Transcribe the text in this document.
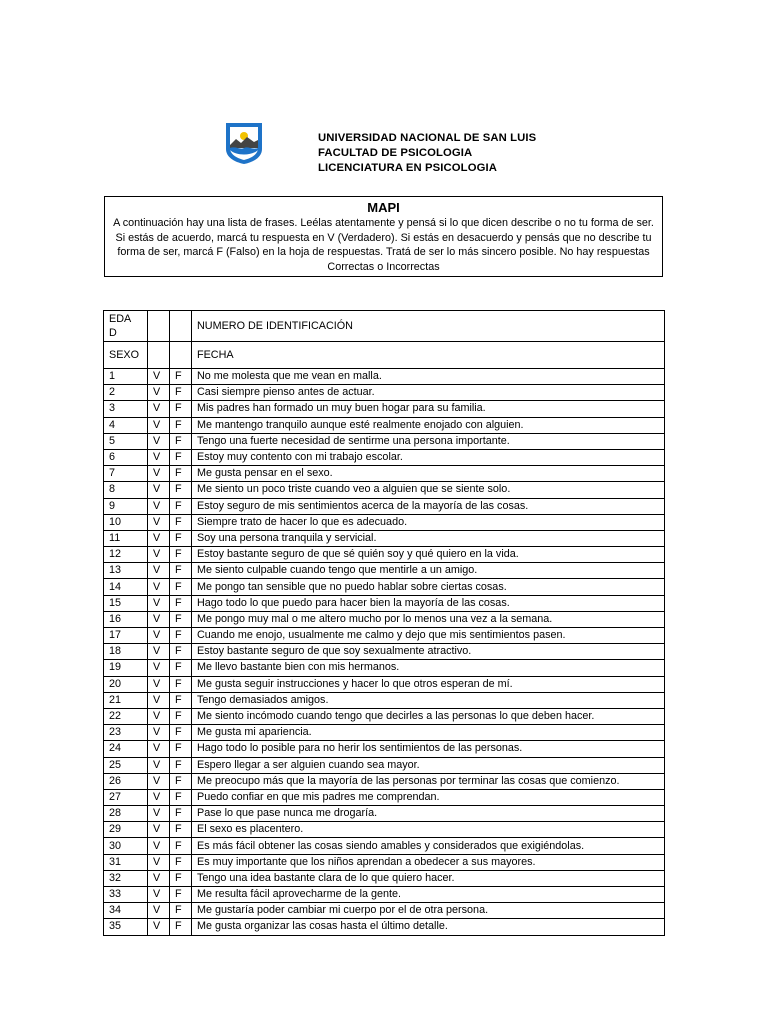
UNIVERSIDAD NACIONAL DE SAN LUIS
FACULTAD DE PSICOLOGIA
LICENCIATURA EN PSICOLOGIA
MAPI
A continuación hay una lista de frases. Leélas atentamente y pensá si lo que dicen describe o no tu forma de ser. Si estás de acuerdo, marcá tu respuesta en V (Verdadero). Si estás en desacuerdo y pensás que no describe tu forma de ser, marcá F (Falso) en la hoja de respuestas. Tratá de ser lo más sincero posible. No hay respuestas Correctas o Incorrectas
EDA
D			NUMERO DE IDENTIFICACIÓN
SEXO			FECHA
1	V	F	No me molesta que me vean en malla.
2	V	F	Casi siempre pienso antes de actuar.
3	V	F	Mis padres han formado un muy buen hogar para su familia.
4	V	F	Me mantengo tranquilo aunque esté realmente enojado con alguien.
5	V	F	Tengo una fuerte necesidad de sentirme una persona importante.
6	V	F	Estoy muy contento con mi trabajo escolar.
7	V	F	Me gusta pensar en el sexo.
8	V	F	Me siento un poco triste cuando veo a alguien que se siente solo.
9	V	F	Estoy seguro de mis sentimientos acerca de la mayoría de las cosas.
10	V	F	Siempre trato de hacer lo que es adecuado.
11	V	F	Soy una persona tranquila y servicial.
12	V	F	Estoy bastante seguro de que sé quién soy y qué quiero en la vida.
13	V	F	Me siento culpable cuando tengo que mentirle a un amigo.
14	V	F	Me pongo tan sensible que no puedo hablar sobre ciertas cosas.
15	V	F	Hago todo lo que puedo para hacer bien la mayoría de las cosas.
16	V	F	Me pongo muy mal o me altero mucho por lo menos una vez a la semana.
17	V	F	Cuando me enojo, usualmente me calmo y dejo que mis sentimientos pasen.
18	V	F	Estoy bastante seguro de que soy sexualmente atractivo.
19	V	F	Me llevo bastante bien con mis hermanos.
20	V	F	Me gusta seguir instrucciones y hacer lo que otros esperan de mí.
21	V	F	Tengo demasiados amigos.
22	V	F	Me siento incómodo cuando tengo que decirles a las personas lo que deben hacer.
23	V	F	Me gusta mi apariencia.
24	V	F	Hago todo lo posible para no herir los sentimientos de las personas.
25	V	F	Espero llegar a ser alguien cuando sea mayor.
26	V	F	Me preocupo más que la mayoría de las personas por terminar las cosas que comienzo.
27	V	F	Puedo confiar en que mis padres me comprendan.
28	V	F	Pase lo que pase nunca me drogaría.
29	V	F	El sexo es placentero.
30	V	F	Es más fácil obtener las cosas siendo amables y considerados que exigiéndolas.
31	V	F	Es muy importante que los niños aprendan a obedecer a sus mayores.
32	V	F	Tengo una idea bastante clara de lo que quiero hacer.
33	V	F	Me resulta fácil aprovecharme de la gente.
34	V	F	Me gustaría poder cambiar mi cuerpo por el de otra persona.
35	V	F	Me gusta organizar las cosas hasta el último detalle.
